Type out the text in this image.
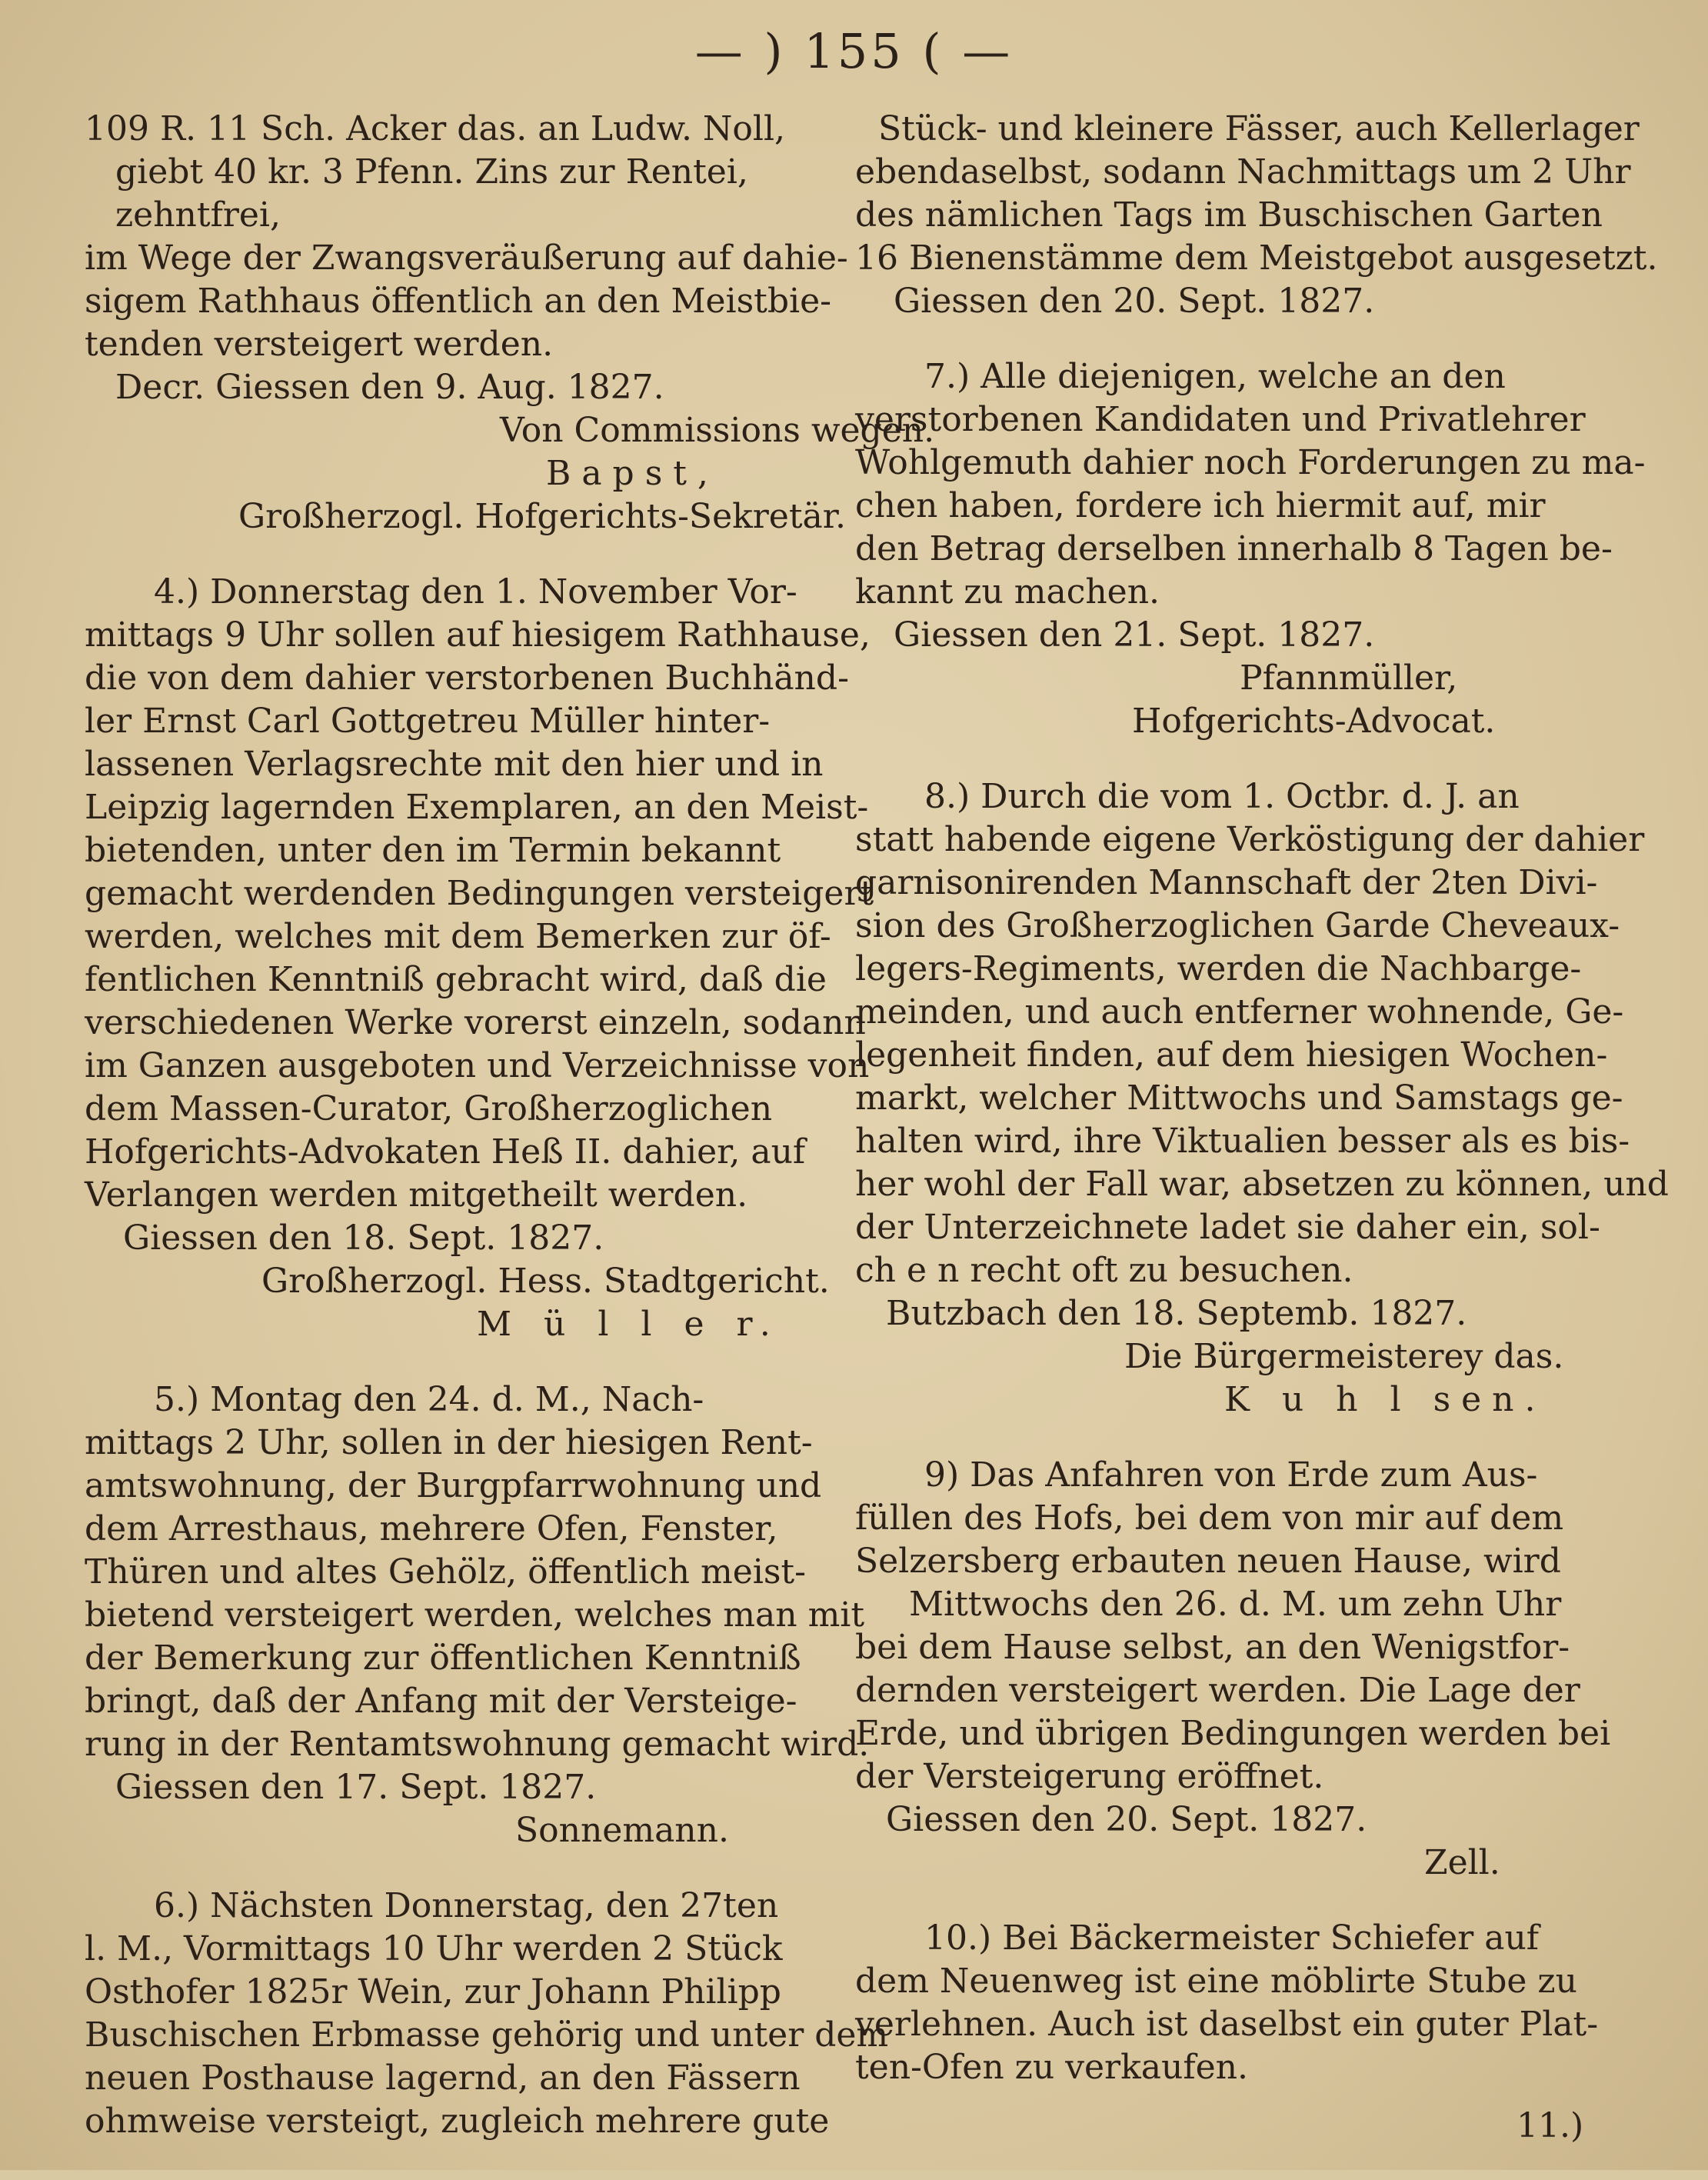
— ) 155 ( —
109 R. 11 Sch. Acker das. an Ludw. Noll,
giebt 40 kr. 3 Pfenn. Zins zur Rentei,
zehntfrei,
im Wege der Zwangsveräußerung auf dahie-
sigem Rathhaus öffentlich an den Meistbie-
tenden versteigert werden.
Decr. Giessen den 9. Aug. 1827.
Von Commissions wegen.
B a p s t ,
Großherzogl. Hofgerichts-Sekretär.
4.) Donnerstag den 1. November Vor-
mittags 9 Uhr sollen auf hiesigem Rathhause,
die von dem dahier verstorbenen Buchhänd-
ler Ernst Carl Gottgetreu Müller hinter-
lassenen Verlagsrechte mit den hier und in
Leipzig lagernden Exemplaren, an den Meist-
bietenden, unter den im Termin bekannt
gemacht werdenden Bedingungen versteigert
werden, welches mit dem Bemerken zur öf-
fentlichen Kenntniß gebracht wird, daß die
verschiedenen Werke vorerst einzeln, sodann
im Ganzen ausgeboten und Verzeichnisse von
dem Massen-Curator, Großherzoglichen
Hofgerichts-Advokaten Heß II. dahier, auf
Verlangen werden mitgetheilt werden.
Giessen den 18. Sept. 1827.
Großherzogl. Hess. Stadtgericht.
M ü l l e r.
5.) Montag den 24. d. M., Nach-
mittags 2 Uhr, sollen in der hiesigen Rent-
amtswohnung, der Burgpfarrwohnung und
dem Arresthaus, mehrere Ofen, Fenster,
Thüren und altes Gehölz, öffentlich meist-
bietend versteigert werden, welches man mit
der Bemerkung zur öffentlichen Kenntniß
bringt, daß der Anfang mit der Versteige-
rung in der Rentamtswohnung gemacht wird.
Giessen den 17. Sept. 1827.
Sonnemann.
6.) Nächsten Donnerstag, den 27ten
l. M., Vormittags 10 Uhr werden 2 Stück
Osthofer 1825r Wein, zur Johann Philipp
Buschischen Erbmasse gehörig und unter dem
neuen Posthause lagernd, an den Fässern
ohmweise versteigt, zugleich mehrere gute
Stück- und kleinere Fässer, auch Kellerlager
ebendaselbst, sodann Nachmittags um 2 Uhr
des nämlichen Tags im Buschischen Garten
16 Bienenstämme dem Meistgebot ausgesetzt.
Giessen den 20. Sept. 1827.
7.) Alle diejenigen, welche an den
verstorbenen Kandidaten und Privatlehrer
Wohlgemuth dahier noch Forderungen zu ma-
chen haben, fordere ich hiermit auf, mir
den Betrag derselben innerhalb 8 Tagen be-
kannt zu machen.
Giessen den 21. Sept. 1827.
Pfannmüller,
Hofgerichts-Advocat.
8.) Durch die vom 1. Octbr. d. J. an
statt habende eigene Verköstigung der dahier
garnisonirenden Mannschaft der 2ten Divi-
sion des Großherzoglichen Garde Cheveaux-
legers-Regiments, werden die Nachbarge-
meinden, und auch entferner wohnende, Ge-
legenheit finden, auf dem hiesigen Wochen-
markt, welcher Mittwochs und Samstags ge-
halten wird, ihre Viktualien besser als es bis-
her wohl der Fall war, absetzen zu können, und
der Unterzeichnete ladet sie daher ein, sol-
ch e n recht oft zu besuchen.
Butzbach den 18. Septemb. 1827.
Die Bürgermeisterey das.
K u h l sen.
9) Das Anfahren von Erde zum Aus-
füllen des Hofs, bei dem von mir auf dem
Selzersberg erbauten neuen Hause, wird
Mittwochs den 26. d. M. um zehn Uhr
bei dem Hause selbst, an den Wenigstfor-
dernden versteigert werden. Die Lage der
Erde, und übrigen Bedingungen werden bei
der Versteigerung eröffnet.
Giessen den 20. Sept. 1827.
Zell.
10.) Bei Bäckermeister Schiefer auf
dem Neuenweg ist eine möblirte Stube zu
verlehnen. Auch ist daselbst ein guter Plat-
ten-Ofen zu verkaufen.
11.)
